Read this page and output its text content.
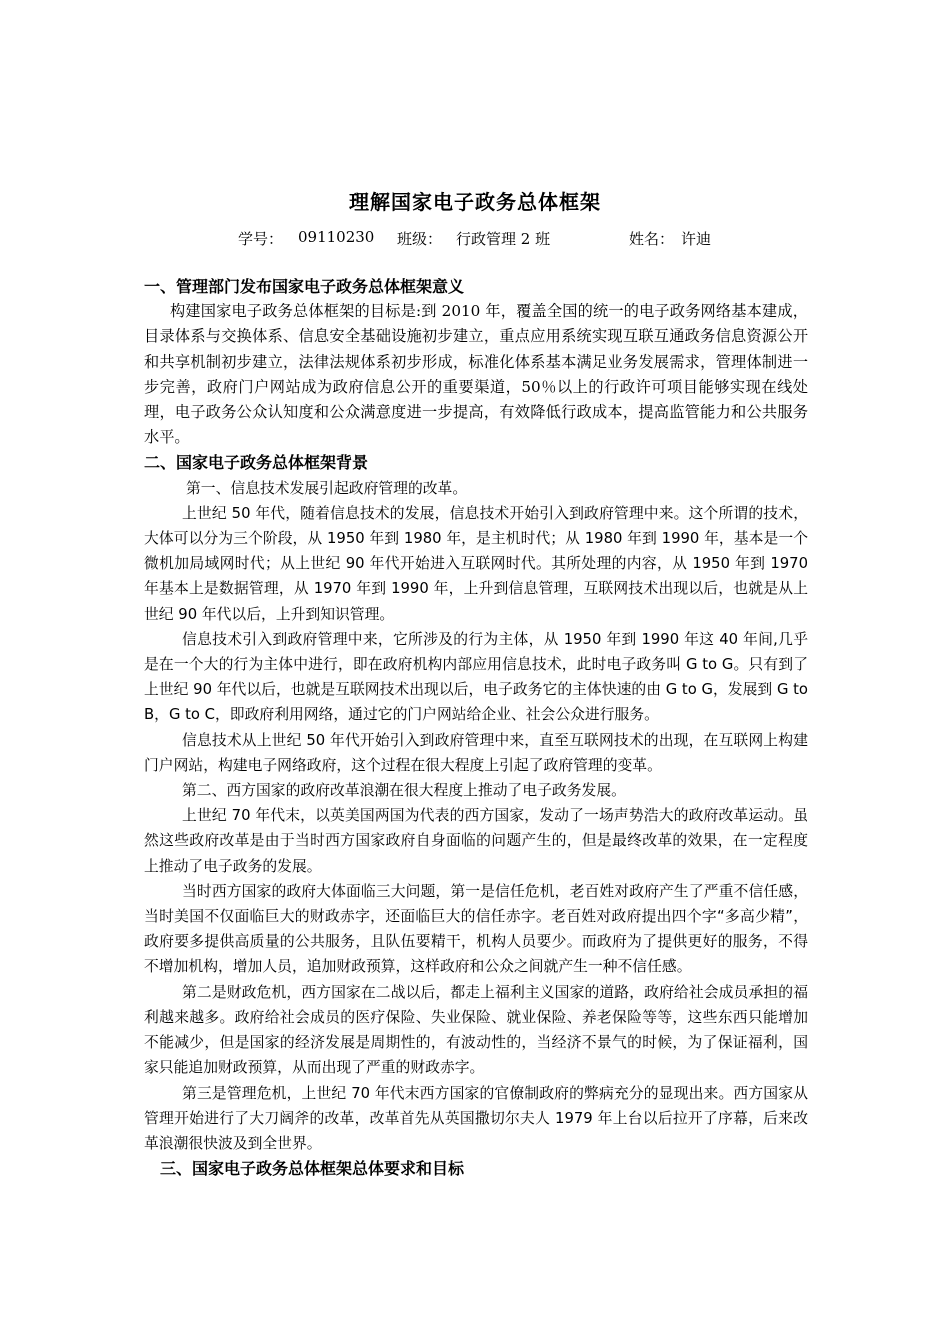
理解国家电子政务总体框架
学号： 09110230 班级： 行政管理 2 班	姓名： 许迪
一、管理部门发布国家电子政务总体框架意义

构建国家电子政务总体框架的目标是:到 2010 年，覆盖全国的统一的电子政务网络基本建成，目录体系与交换体系、信息安全基础设施初步建立，重点应用系统实现互联互通政务信息资源公开和共享机制初步建立，法律法规体系初步形成，标准化体系基本满足业务发展需求，管理体制进一步完善，政府门户网站成为政府信息公开的重要渠道，50％以上的行政许可项目能够实现在线处理，电子政务公众认知度和公众满意度进一步提高，有效降低行政成本，提高监管能力和公共服务水平。

二、国家电子政务总体框架背景

第一、信息技术发展引起政府管理的改革。

上世纪 50 年代，随着信息技术的发展，信息技术开始引入到政府管理中来。这个所谓的技术，大体可以分为三个阶段，从 1950 年到 1980 年，是主机时代；从 1980 年到 1990 年，基本是一个微机加局域网时代；从上世纪 90 年代开始进入互联网时代。其所处理的内容，从 1950 年到 1970 年基本上是数据管理，从 1970 年到 1990 年，上升到信息管理，互联网技术出现以后，也就是从上世纪 90 年代以后，上升到知识管理。

信息技术引入到政府管理中来，它所涉及的行为主体，从 1950 年到 1990 年这 40 年间,几乎是在一个大的行为主体中进行，即在政府机构内部应用信息技术，此时电子政务叫 G to G。只有到了上世纪 90 年代以后，也就是互联网技术出现以后，电子政务它的主体快速的由 G to G，发展到 G to B，G to C，即政府利用网络，通过它的门户网站给企业、社会公众进行服务。

信息技术从上世纪 50 年代开始引入到政府管理中来，直至互联网技术的出现，在互联网上构建门户网站，构建电子网络政府，这个过程在很大程度上引起了政府管理的变革。

第二、西方国家的政府改革浪潮在很大程度上推动了电子政务发展。

上世纪 70 年代末，以英美国两国为代表的西方国家，发动了一场声势浩大的政府改革运动。虽然这些政府改革是由于当时西方国家政府自身面临的问题产生的，但是最终改革的效果，在一定程度上推动了电子政务的发展。

当时西方国家的政府大体面临三大问题，第一是信任危机，老百姓对政府产生了严重不信任感，当时美国不仅面临巨大的财政赤字，还面临巨大的信任赤字。老百姓对政府提出四个字“多高少精”，政府要多提供高质量的公共服务，且队伍要精干，机构人员要少。而政府为了提供更好的服务，不得不增加机构，增加人员，追加财政预算，这样政府和公众之间就产生一种不信任感。

第二是财政危机，西方国家在二战以后，都走上福利主义国家的道路，政府给社会成员承担的福利越来越多。政府给社会成员的医疗保险、失业保险、就业保险、养老保险等等，这些东西只能增加不能减少，但是国家的经济发展是周期性的，有波动性的，当经济不景气的时候，为了保证福利，国家只能追加财政预算，从而出现了严重的财政赤字。

第三是管理危机，上世纪 70 年代末西方国家的官僚制政府的弊病充分的显现出来。西方国家从管理开始进行了大刀阔斧的改革，改革首先从英国撒切尔夫人 1979 年上台以后拉开了序幕，后来改革浪潮很快波及到全世界。

三、国家电子政务总体框架总体要求和目标
